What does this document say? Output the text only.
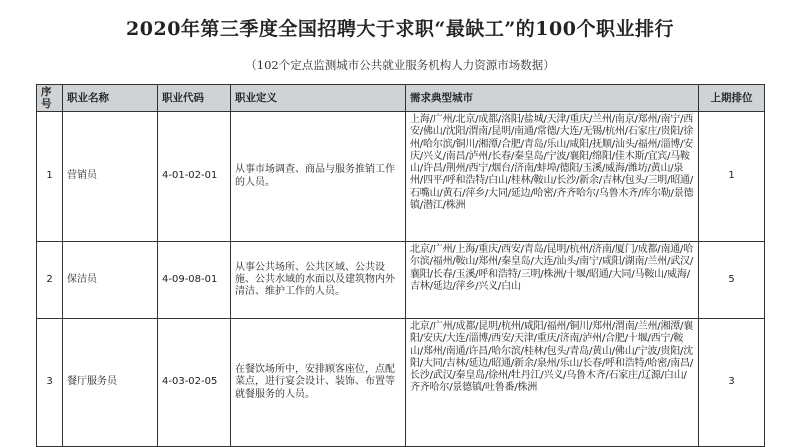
2020年第三季度全国招聘大于求职“最缺工”的100个职业排行
（102个定点监测城市公共就业服务机构人力资源市场数据）
序号	职业名称	职业代码	职业定义	需求典型城市	上期排位
1	营销员	4-01-02-01	从事市场调查、商品与服务推销工作的人员。	上海/广州/北京/成都/洛阳/盐城/天津/重庆/兰州/南京/郑州/南宁/西安/佛山/沈阳/渭南/昆明/南通/常德/大连/无锡/杭州/石家庄/贵阳/徐州/哈尔滨/铜川/湘潭/合肥/青岛/乐山/咸阳/抚顺/汕头/福州/淄博/安庆/兴义/南昌/泸州/长春/秦皇岛/宁波/襄阳/绵阳/佳木斯/宜宾/马鞍山/许昌/荆州/西宁/烟台/济南/蚌埠/德阳/玉溪/威海/潍坊/黄山/泉州/四平/呼和浩特/白山/桂林/鞍山/长沙/新余/吉林/包头/三明/昭通/石嘴山/黄石/萍乡/大同/延边/哈密/齐齐哈尔/乌鲁木齐/库尔勒/景德镇/潜江/株洲	1
2	保洁员	4-09-08-01	从事公共场所、公共区域、公共设施、公共水域的水面以及建筑物内外清洁、维护工作的人员。	北京/广州/上海/重庆/西安/青岛/昆明/杭州/济南/厦门/成都/南通/哈尔滨/福州/鞍山/郑州/秦皇岛/大连/汕头/南宁/咸阳/湖南/兰州/武汉/襄阳/长春/玉溪/呼和浩特/三明/株洲/十堰/昭通/大同/马鞍山/威海/吉林/延边/萍乡/兴义/白山	5
3	餐厅服务员	4-03-02-05	在餐饮场所中，安排顾客座位，点配菜点，进行宴会设计、装饰、布置等就餐服务的人员。	北京/广州/成都/昆明/杭州/咸阳/福州/铜川/郑州/渭南/兰州/湘潭/襄阳/安庆/大连/淄博/西安/天津/重庆/济南/泸州/合肥/十堰/西宁/鞍山/郑州/南通/许昌/哈尔滨/桂林/包头/青岛/黄山/佛山/宁波/贵阳/沈阳/大同/吉林/延边/昭通/新余/泉州/乐山/长春/呼和浩特/哈密/南昌/长沙/武汉/秦皇岛/徐州/牡丹江/兴义/乌鲁木齐/石家庄/辽源/白山/齐齐哈尔/景德镇/吐鲁番/株洲	3
